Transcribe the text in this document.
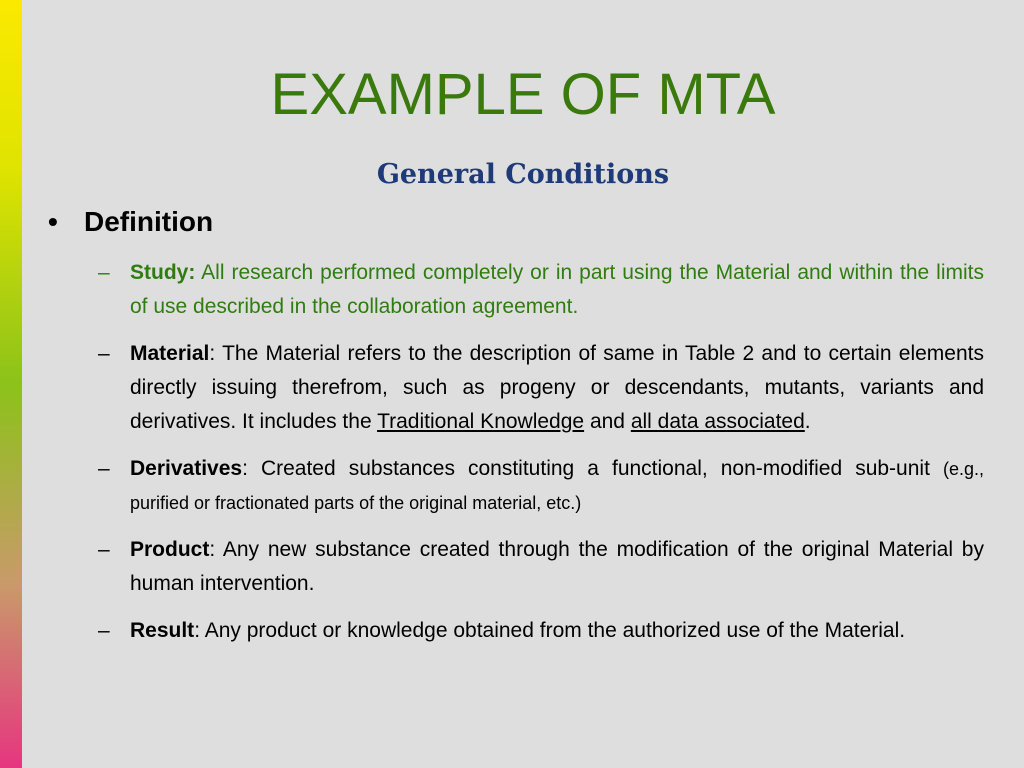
EXAMPLE OF MTA
General Conditions
• Definition
– Study: All research performed completely or in part using the Material and within the limits of use described in the collaboration agreement.
– Material: The Material refers to the description of same in Table 2 and to certain elements directly issuing therefrom, such as progeny or descendants, mutants, variants and derivatives. It includes the Traditional Knowledge and all data associated.
– Derivatives: Created substances constituting a functional, non-modified sub-unit (e.g., purified or fractionated parts of the original material, etc.)
– Product: Any new substance created through the modification of the original Material by human intervention.
– Result: Any product or knowledge obtained from the authorized use of the Material.
